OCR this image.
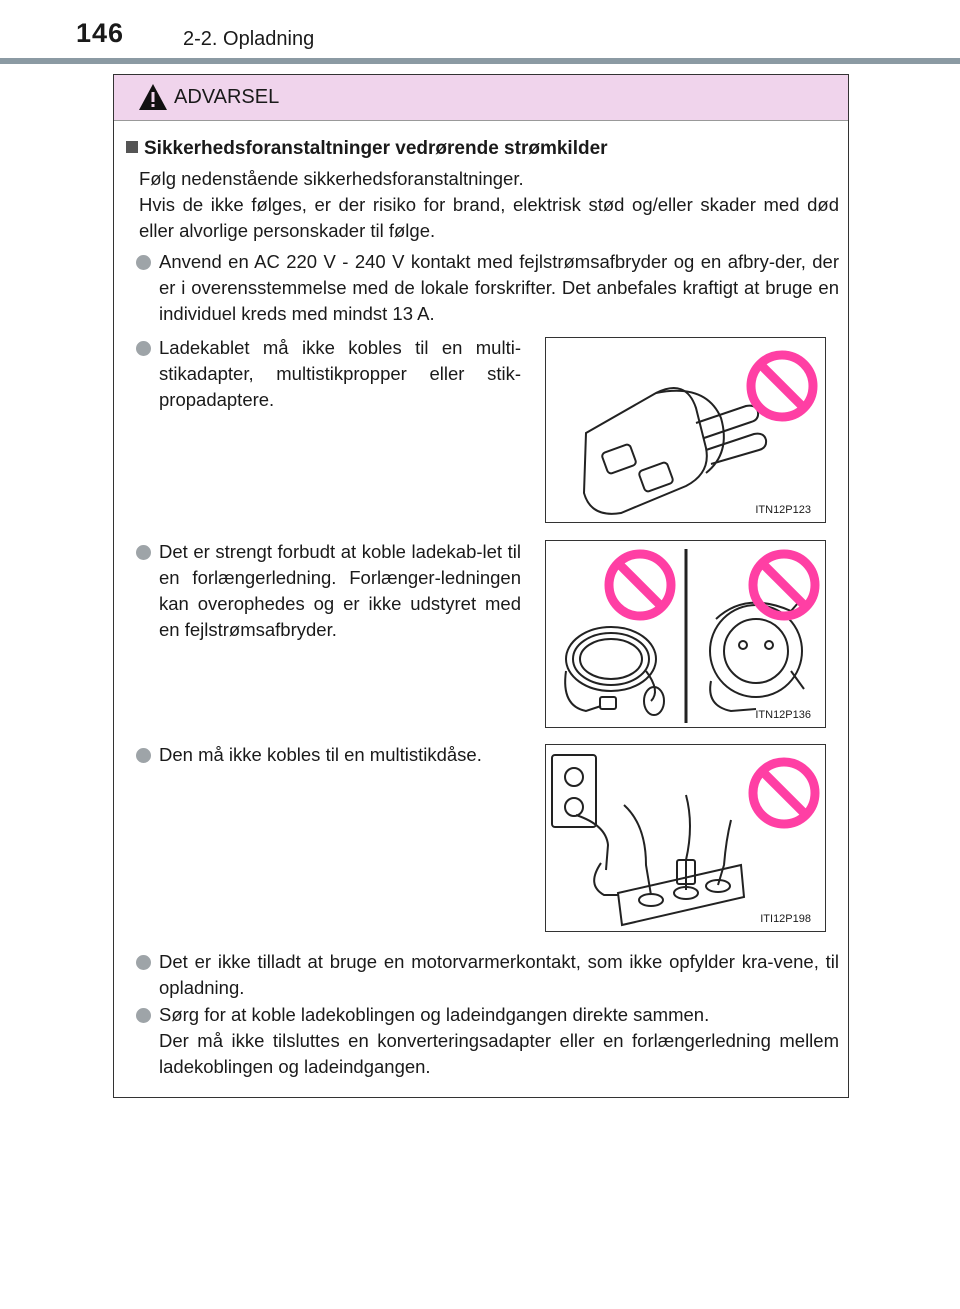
146	2-2. Opladning
ADVARSEL
Sikkerhedsforanstaltninger vedrørende strømkilder
Følg nedenstående sikkerhedsforanstaltninger.
Hvis de ikke følges, er der risiko for brand, elektrisk stød og/eller skader med død eller alvorlige personskader til følge.
Anvend en AC 220 V - 240 V kontakt med fejlstrømsafbryder og en afbry-der, der er i overensstemmelse med de lokale forskrifter. Det anbefales kraftigt at bruge en individuel kreds med mindst 13 A.
Ladekablet må ikke kobles til en multi-stikadapter, multistikpropper eller stik-propadaptere.
ITN12P123
Det er strengt forbudt at koble ladekab-let til en forlængerledning. Forlænger-ledningen kan overophedes og er ikke udstyret med en fejlstrømsafbryder.
ITN12P136
Den må ikke kobles til en multistikdåse.
ITI12P198
Det er ikke tilladt at bruge en motorvarmerkontakt, som ikke opfylder kra-vene, til opladning.
Sørg for at koble ladekoblingen og ladeindgangen direkte sammen.
Der må ikke tilsluttes en konverteringsadapter eller en forlængerledning mellem ladekoblingen og ladeindgangen.
